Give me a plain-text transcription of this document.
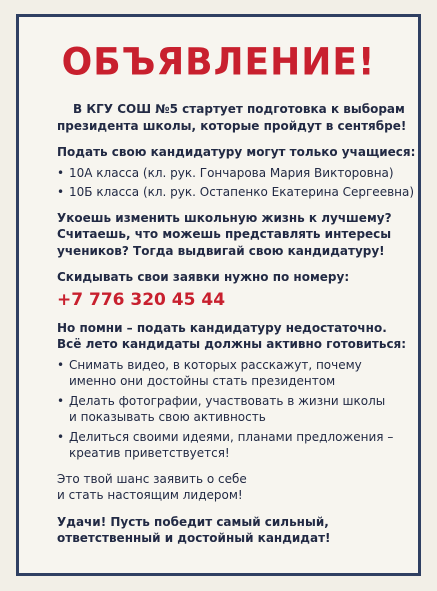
ОБЪЯВЛЕНИЕ!

В КГУ СОШ №5 стартует подготовка к выборам
президента школы, которые пройдут в сентябре!

Подать свою кандидатуру могут только учащиеся:

• 10А класса (кл. рук. Гончарова Мария Викторовна)
• 10Б класса (кл. рук. Остапенко Екатерина Сергеевна)

Укоешь изменить школьную жизнь к лучшему?
Считаешь, что можешь представлять интересы
учеников? Тогда выдвигай свою кандидатуру!

Скидывать свои заявки нужно по номеру:

+7 776 320 45 44

Но помни – подать кандидатуру недостаточно.
Всё лето кандидаты должны активно готовиться:

• Снимать видео, в которых расскажут, почему
именно они достойны стать президентом
• Делать фотографии, участвовать в жизни школы
и показывать свою активность
• Делиться своими идеями, планами предложения –
креатив приветствуется!

Это твой шанс заявить о себе
и стать настоящим лидером!

Удачи! Пусть победит самый сильный,
ответственный и достойный кандидат!
